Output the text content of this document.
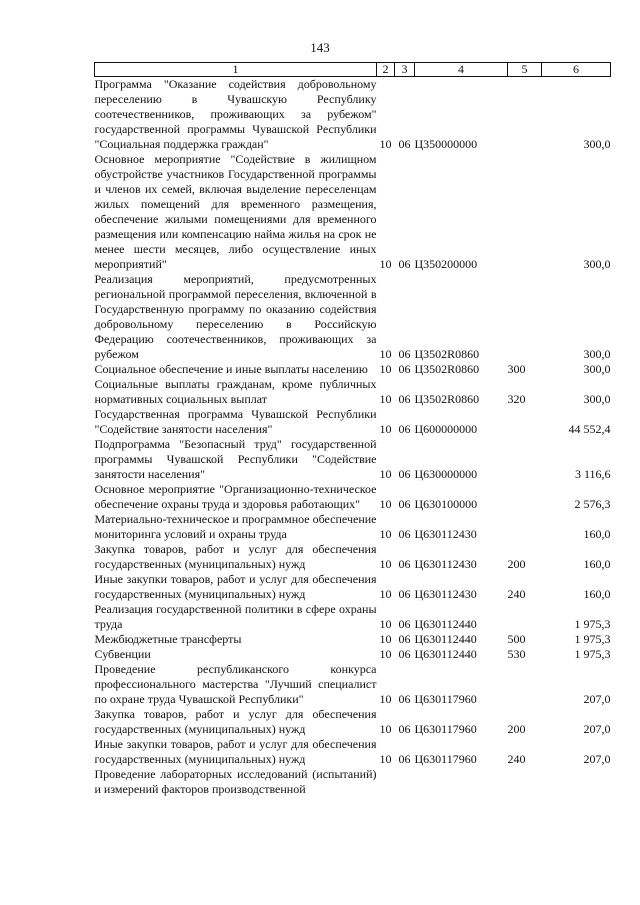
143
1	2	3	4	5	6
Программа "Оказание содействия добровольному переселению в Чувашскую Республику соотечественников, проживающих за рубежом" государственной программы Чувашской Республики "Социальная поддержка граждан"	10	06	Ц350000000		300,0
Основное мероприятие "Содействие в жилищном обустройстве участников Государственной программы и членов их семей, включая выделение переселенцам жилых помещений для временного размещения, обеспечение жилыми помещениями для временного размещения или компенсацию найма жилья на срок не менее шести месяцев, либо осуществление иных мероприятий"	10	06	Ц350200000		300,0
Реализация мероприятий, предусмотренных региональной программой переселения, включенной в Государственную программу по оказанию содействия добровольному переселению в Российскую Федерацию соотечественников, проживающих за рубежом	10	06	Ц3502R0860		300,0
Социальное обеспечение и иные выплаты населению	10	06	Ц3502R0860	300	300,0
Социальные выплаты гражданам, кроме публичных нормативных социальных выплат	10	06	Ц3502R0860	320	300,0
Государственная программа Чувашской Республики "Содействие занятости населения"	10	06	Ц600000000		44 552,4
Подпрограмма "Безопасный труд" государственной программы Чувашской Республики "Содействие занятости населения"	10	06	Ц630000000		3 116,6
Основное мероприятие "Организационно-техническое обеспечение охраны труда и здоровья работающих"	10	06	Ц630100000		2 576,3
Материально-техническое и программное обеспечение мониторинга условий и охраны труда	10	06	Ц630112430		160,0
Закупка товаров, работ и услуг для обеспечения государственных (муниципальных) нужд	10	06	Ц630112430	200	160,0
Иные закупки товаров, работ и услуг для обеспечения государственных (муниципальных) нужд	10	06	Ц630112430	240	160,0
Реализация государственной политики в сфере охраны труда	10	06	Ц630112440		1 975,3
Межбюджетные трансферты	10	06	Ц630112440	500	1 975,3
Субвенции	10	06	Ц630112440	530	1 975,3
Проведение республиканского конкурса профессионального мастерства "Лучший специалист по охране труда Чувашской Республики"	10	06	Ц630117960		207,0
Закупка товаров, работ и услуг для обеспечения государственных (муниципальных) нужд	10	06	Ц630117960	200	207,0
Иные закупки товаров, работ и услуг для обеспечения государственных (муниципальных) нужд	10	06	Ц630117960	240	207,0
Проведение лабораторных исследований (испытаний) и измерений факторов производственной					
